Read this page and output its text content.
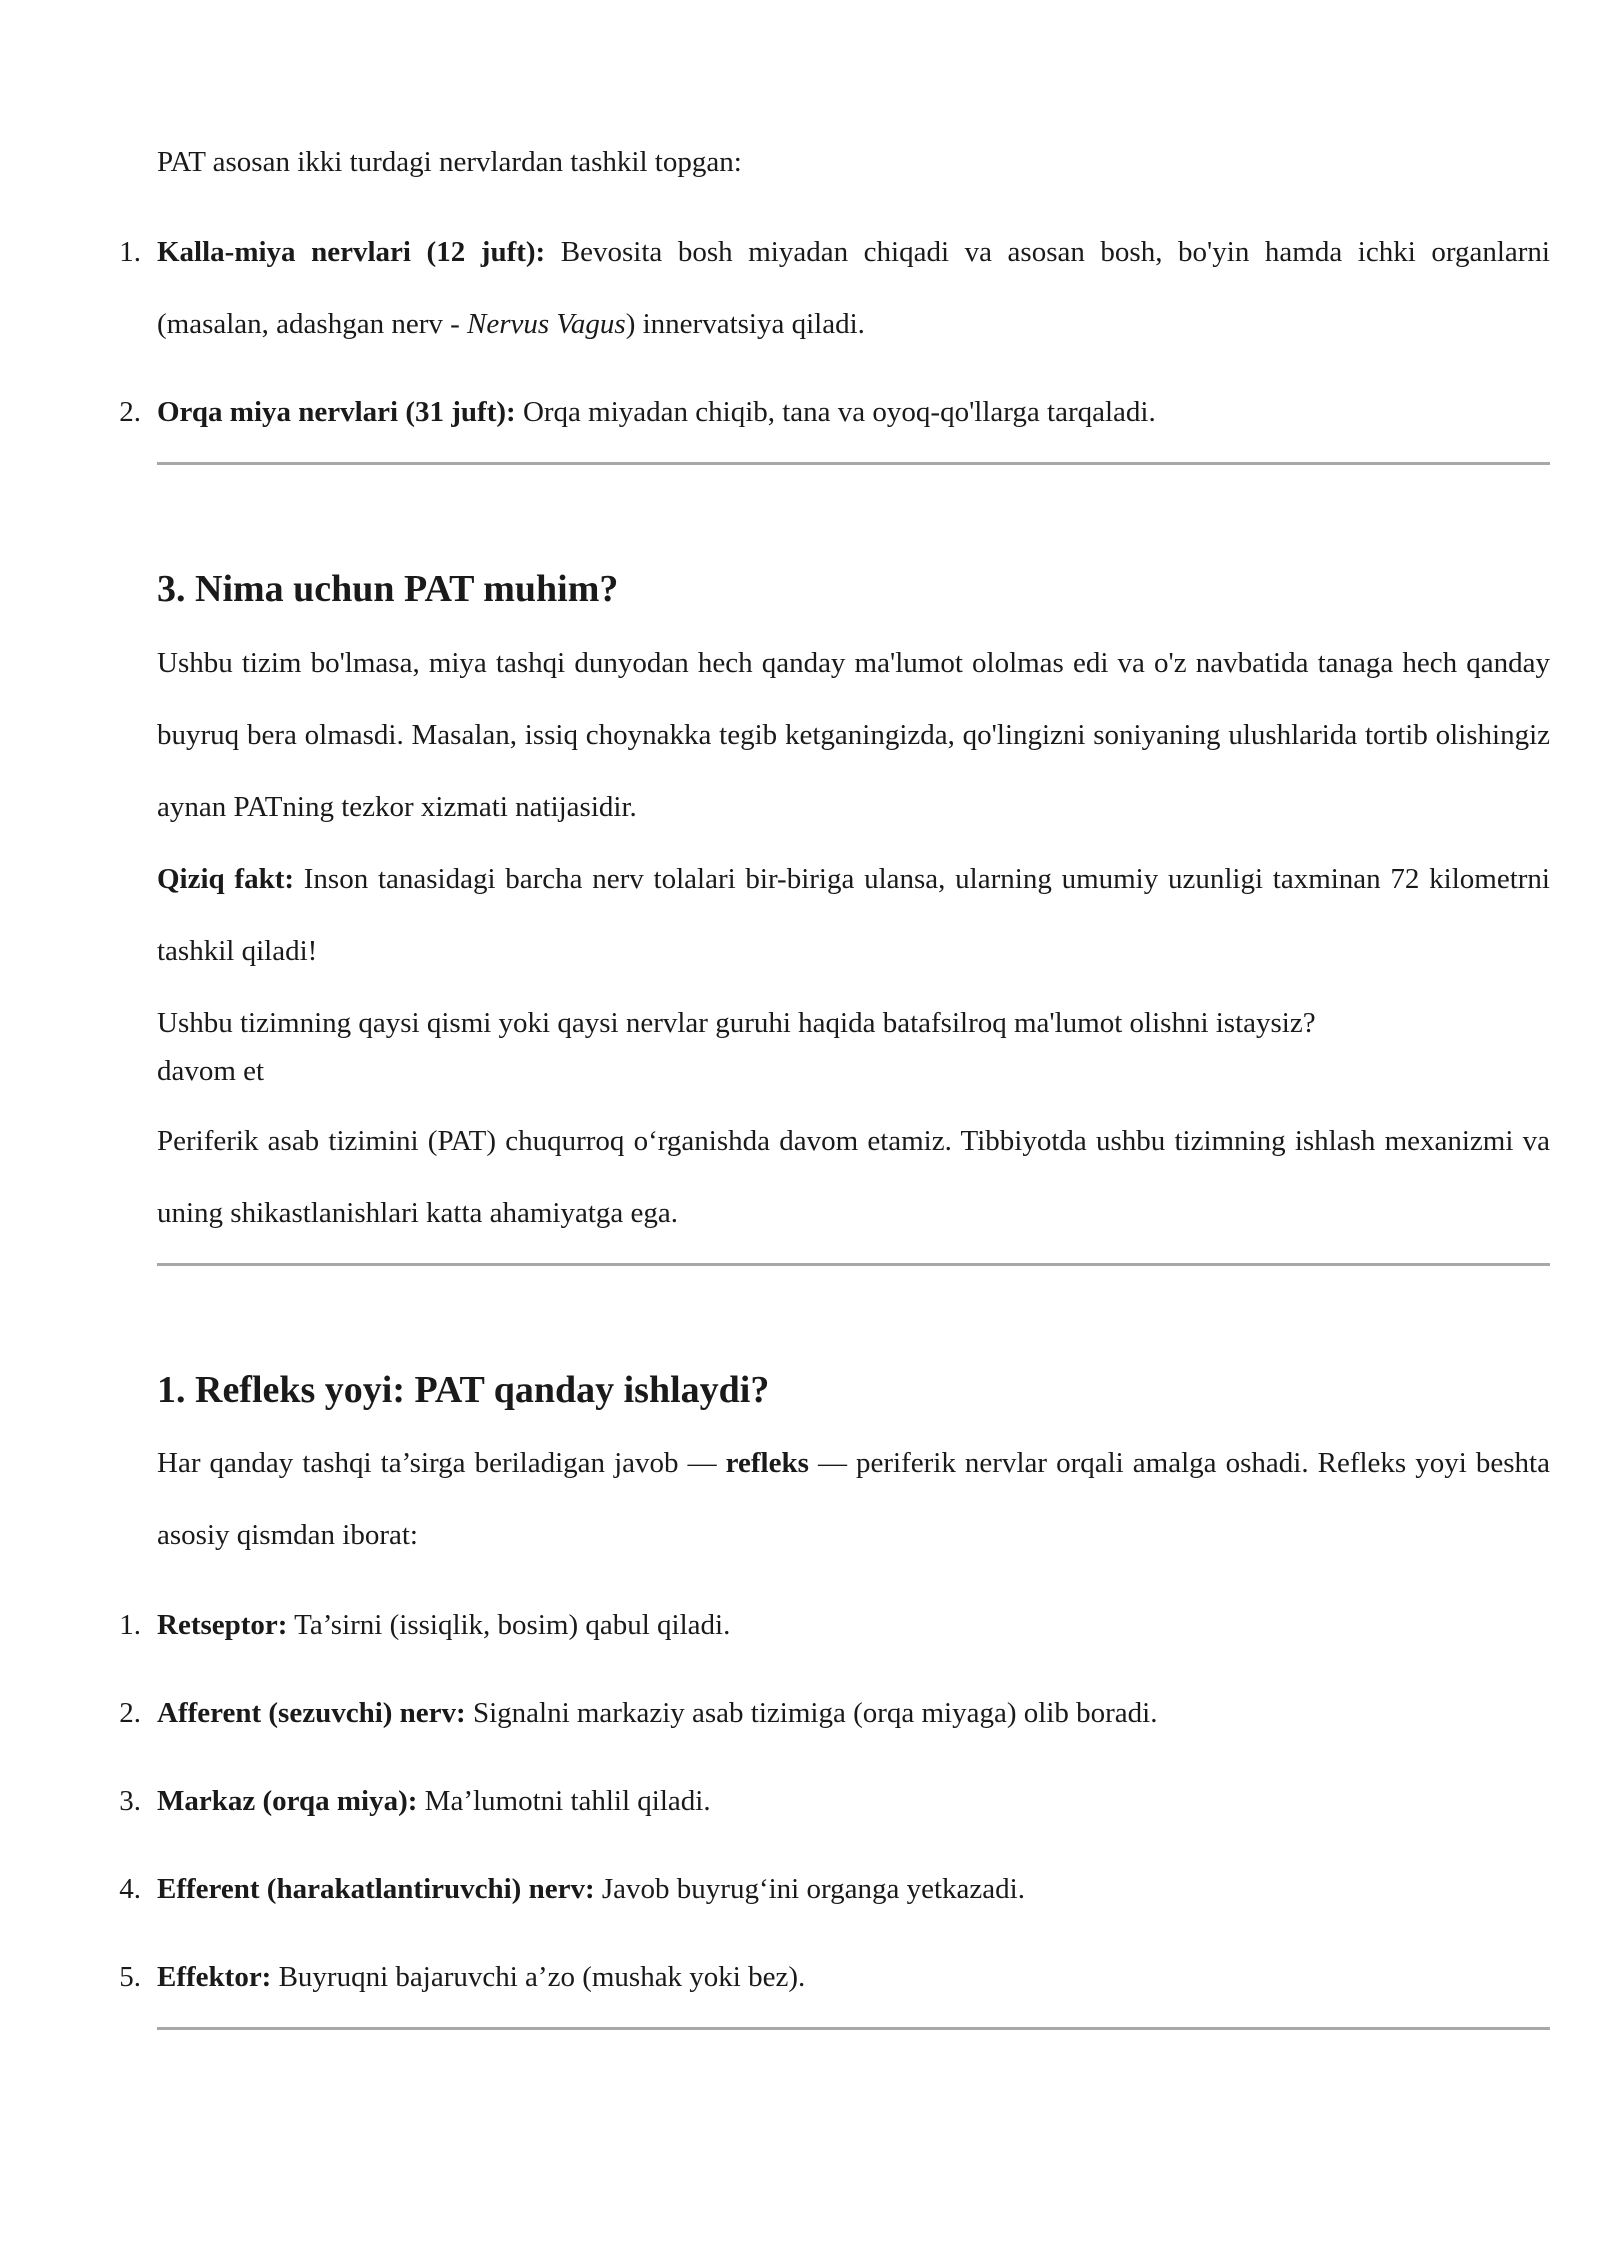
PAT asosan ikki turdagi nervlardan tashkil topgan:

1. Kalla-miya nervlari (12 juft): Bevosita bosh miyadan chiqadi va asosan bosh, bo'yin hamda ichki organlarni (masalan, adashgan nerv - Nervus Vagus) innervatsiya qiladi.

2. Orqa miya nervlari (31 juft): Orqa miyadan chiqib, tana va oyoq-qo'llarga tarqaladi.

3. Nima uchun PAT muhim?

Ushbu tizim bo'lmasa, miya tashqi dunyodan hech qanday ma'lumot ololmas edi va o'z navbatida tanaga hech qanday buyruq bera olmasdi. Masalan, issiq choynakka tegib ketganingizda, qo'lingizni soniyaning ulushlarida tortib olishingiz aynan PATning tezkor xizmati natijasidir.

Qiziq fakt: Inson tanasidagi barcha nerv tolalari bir-biriga ulansa, ularning umumiy uzunligi taxminan 72 kilometrni tashkil qiladi!

Ushbu tizimning qaysi qismi yoki qaysi nervlar guruhi haqida batafsilroq ma'lumot olishni istaysiz?

davom et

Periferik asab tizimini (PAT) chuqurroq o‘rganishda davom etamiz. Tibbiyotda ushbu tizimning ishlash mexanizmi va uning shikastlanishlari katta ahamiyatga ega.

1. Refleks yoyi: PAT qanday ishlaydi?

Har qanday tashqi ta’sirga beriladigan javob — refleks — periferik nervlar orqali amalga oshadi. Refleks yoyi beshta asosiy qismdan iborat:

1. Retseptor: Ta’sirni (issiqlik, bosim) qabul qiladi.

2. Afferent (sezuvchi) nerv: Signalni markaziy asab tizimiga (orqa miyaga) olib boradi.

3. Markaz (orqa miya): Ma’lumotni tahlil qiladi.

4. Efferent (harakatlantiruvchi) nerv: Javob buyrug‘ini organga yetkazadi.

5. Effektor: Buyruqni bajaruvchi a’zo (mushak yoki bez).
